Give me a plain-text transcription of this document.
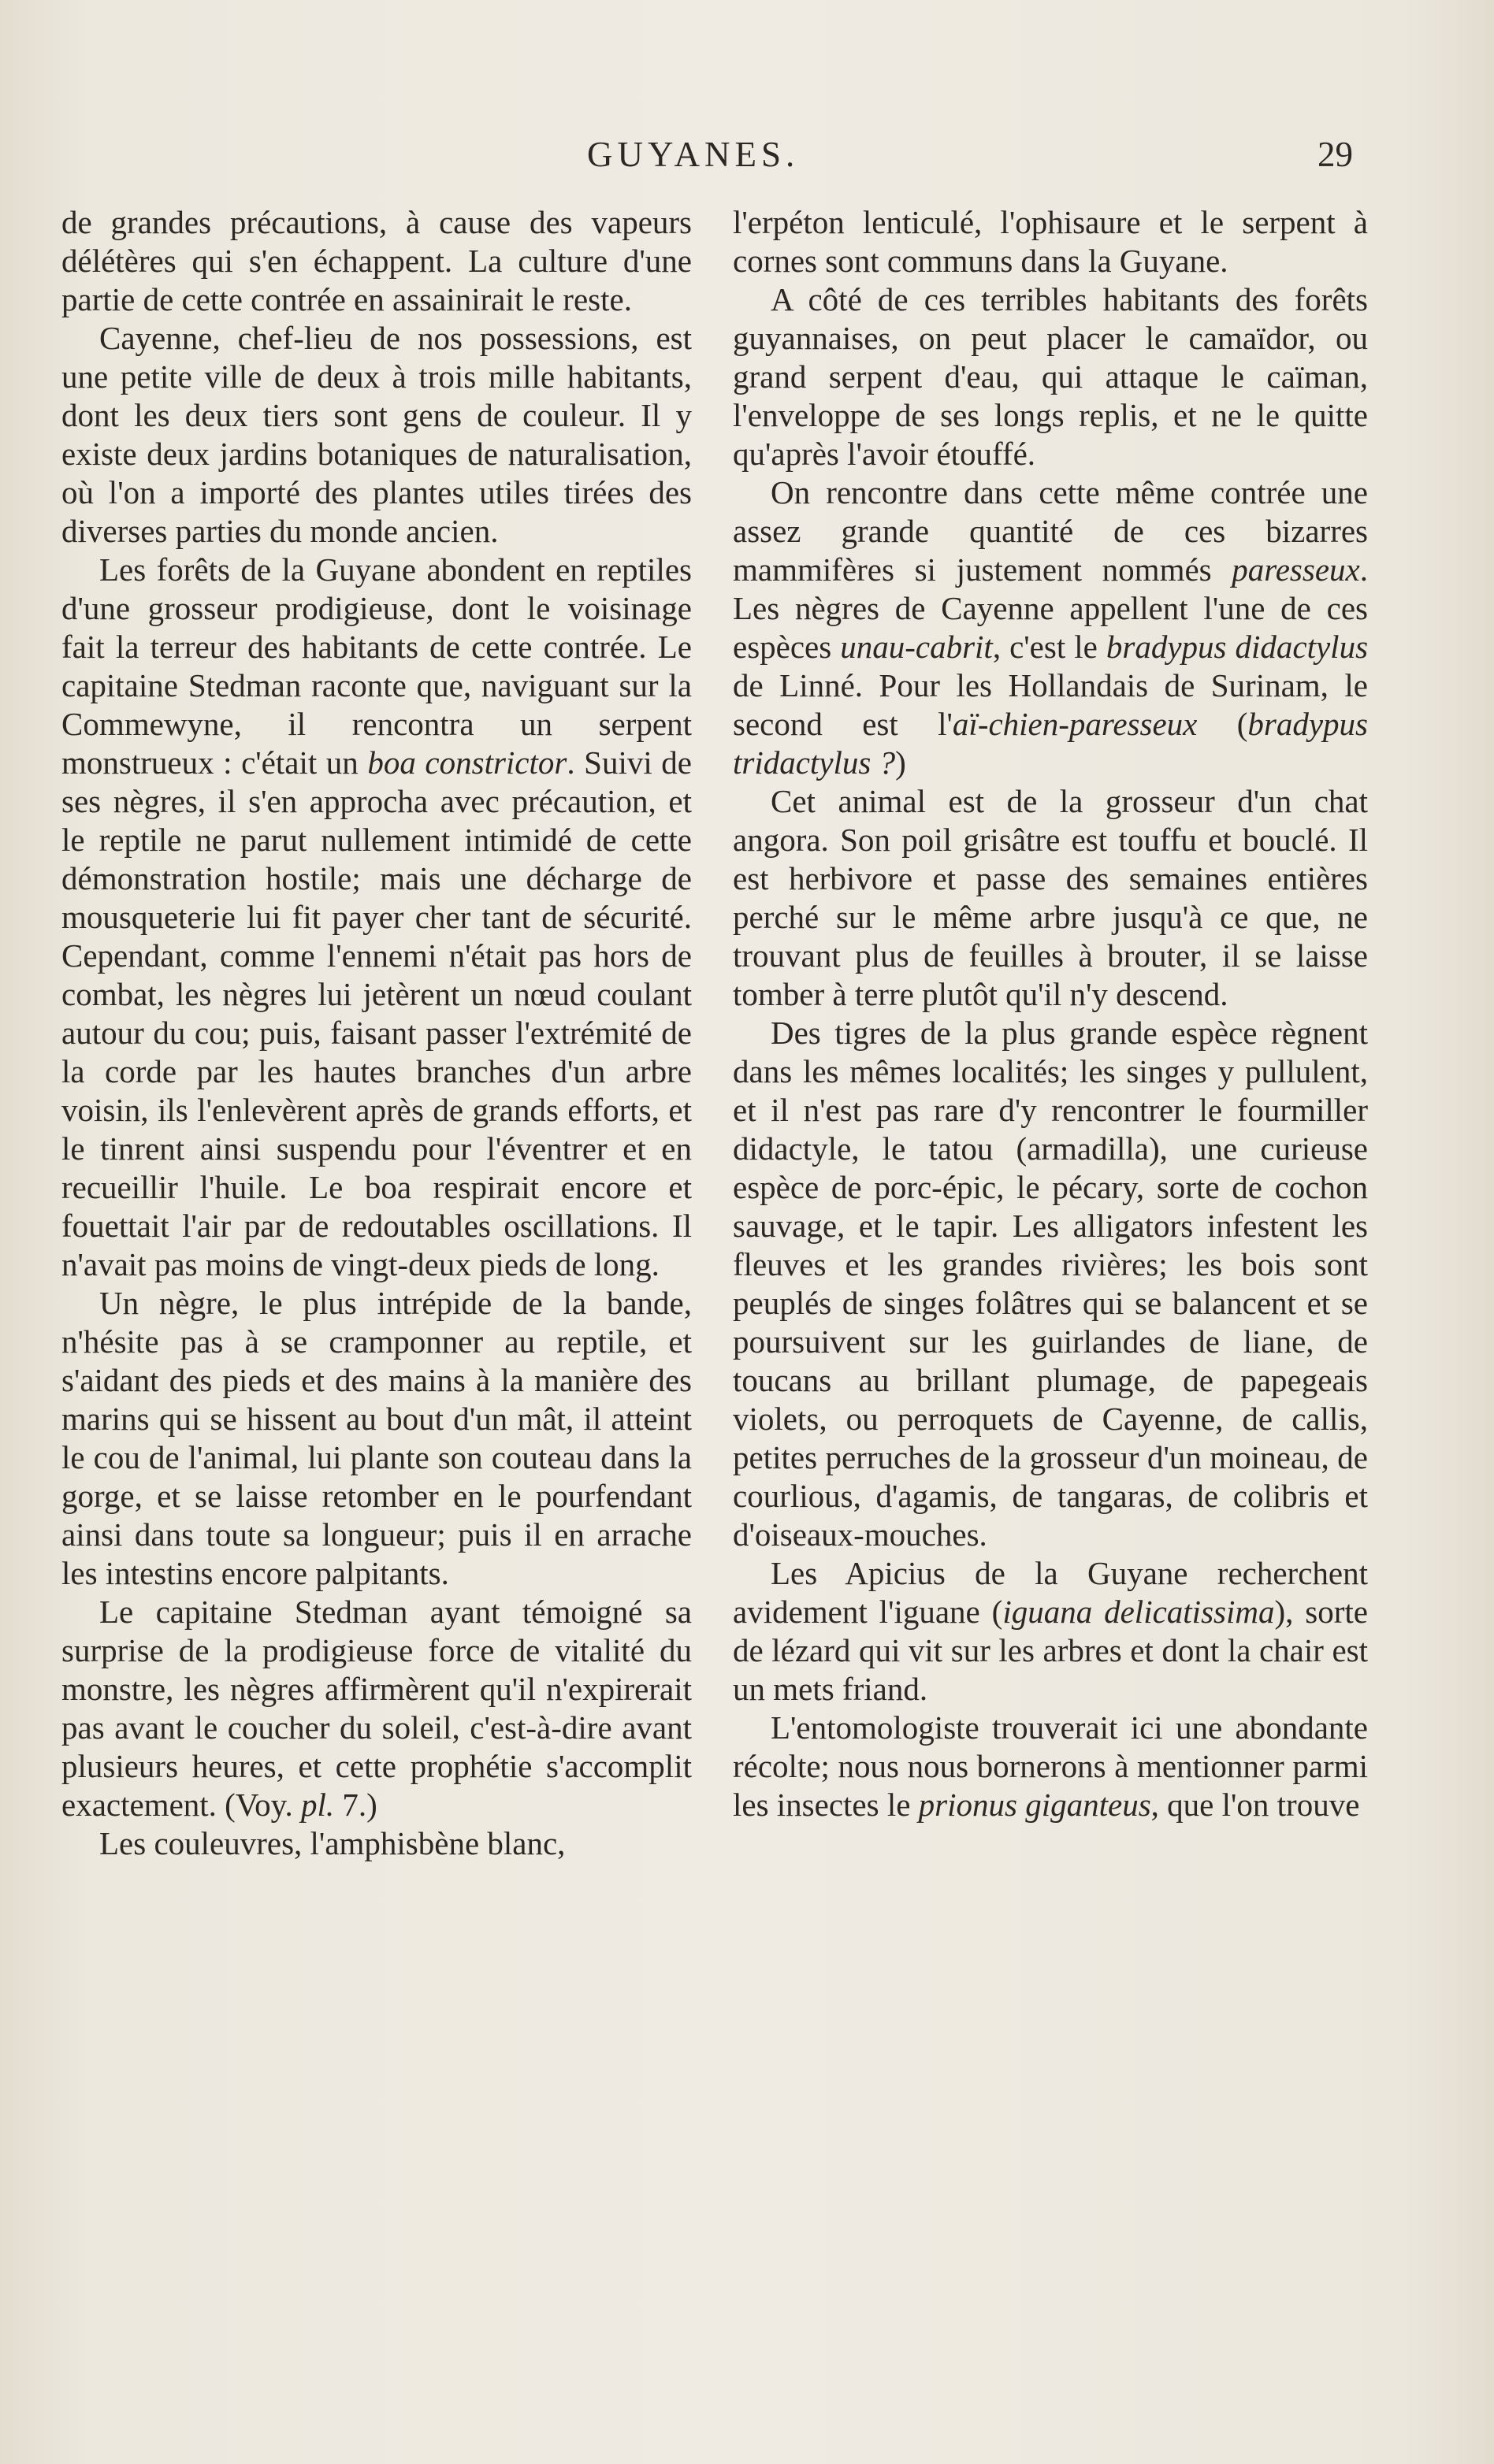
GUYANES.	29

de grandes précautions, à cause des vapeurs délétères qui s'en échappent. La culture d'une partie de cette contrée en assainirait le reste.

Cayenne, chef-lieu de nos possessions, est une petite ville de deux à trois mille habitants, dont les deux tiers sont gens de couleur. Il y existe deux jardins botaniques de naturalisation, où l'on a importé des plantes utiles tirées des diverses parties du monde ancien.

Les forêts de la Guyane abondent en reptiles d'une grosseur prodigieuse, dont le voisinage fait la terreur des habitants de cette contrée. Le capitaine Stedman raconte que, naviguant sur la Commewyne, il rencontra un serpent monstrueux : c'était un boa constrictor. Suivi de ses nègres, il s'en approcha avec précaution, et le reptile ne parut nullement intimidé de cette démonstration hostile; mais une décharge de mousqueterie lui fit payer cher tant de sécurité. Cependant, comme l'ennemi n'était pas hors de combat, les nègres lui jetèrent un nœud coulant autour du cou; puis, faisant passer l'extrémité de la corde par les hautes branches d'un arbre voisin, ils l'enlevèrent après de grands efforts, et le tinrent ainsi suspendu pour l'éventrer et en recueillir l'huile. Le boa respirait encore et fouettait l'air par de redoutables oscillations. Il n'avait pas moins de vingt-deux pieds de long.

Un nègre, le plus intrépide de la bande, n'hésite pas à se cramponner au reptile, et s'aidant des pieds et des mains à la manière des marins qui se hissent au bout d'un mât, il atteint le cou de l'animal, lui plante son couteau dans la gorge, et se laisse retomber en le pourfendant ainsi dans toute sa longueur; puis il en arrache les intestins encore palpitants.

Le capitaine Stedman ayant témoigné sa surprise de la prodigieuse force de vitalité du monstre, les nègres affirmèrent qu'il n'expirerait pas avant le coucher du soleil, c'est-à-dire avant plusieurs heures, et cette prophétie s'accomplit exactement. (Voy. pl. 7.)

Les couleuvres, l'amphisbène blanc,

l'erpéton lenticulé, l'ophisaure et le serpent à cornes sont communs dans la Guyane.

A côté de ces terribles habitants des forêts guyannaises, on peut placer le camaïdor, ou grand serpent d'eau, qui attaque le caïman, l'enveloppe de ses longs replis, et ne le quitte qu'après l'avoir étouffé.

On rencontre dans cette même contrée une assez grande quantité de ces bizarres mammifères si justement nommés paresseux. Les nègres de Cayenne appellent l'une de ces espèces unau-cabrit, c'est le bradypus didactylus de Linné. Pour les Hollandais de Surinam, le second est l'aï-chien-paresseux (bradypus tridactylus ?)

Cet animal est de la grosseur d'un chat angora. Son poil grisâtre est touffu et bouclé. Il est herbivore et passe des semaines entières perché sur le même arbre jusqu'à ce que, ne trouvant plus de feuilles à brouter, il se laisse tomber à terre plutôt qu'il n'y descend.

Des tigres de la plus grande espèce règnent dans les mêmes localités; les singes y pullulent, et il n'est pas rare d'y rencontrer le fourmiller didactyle, le tatou (armadilla), une curieuse espèce de porc-épic, le pécary, sorte de cochon sauvage, et le tapir. Les alligators infestent les fleuves et les grandes rivières; les bois sont peuplés de singes folâtres qui se balancent et se poursuivent sur les guirlandes de liane, de toucans au brillant plumage, de papegeais violets, ou perroquets de Cayenne, de callis, petites perruches de la grosseur d'un moineau, de courlious, d'agamis, de tangaras, de colibris et d'oiseaux-mouches.

Les Apicius de la Guyane recherchent avidement l'iguane (iguana delicatissima), sorte de lézard qui vit sur les arbres et dont la chair est un mets friand.

L'entomologiste trouverait ici une abondante récolte; nous nous bornerons à mentionner parmi les insectes le prionus giganteus, que l'on trouve
